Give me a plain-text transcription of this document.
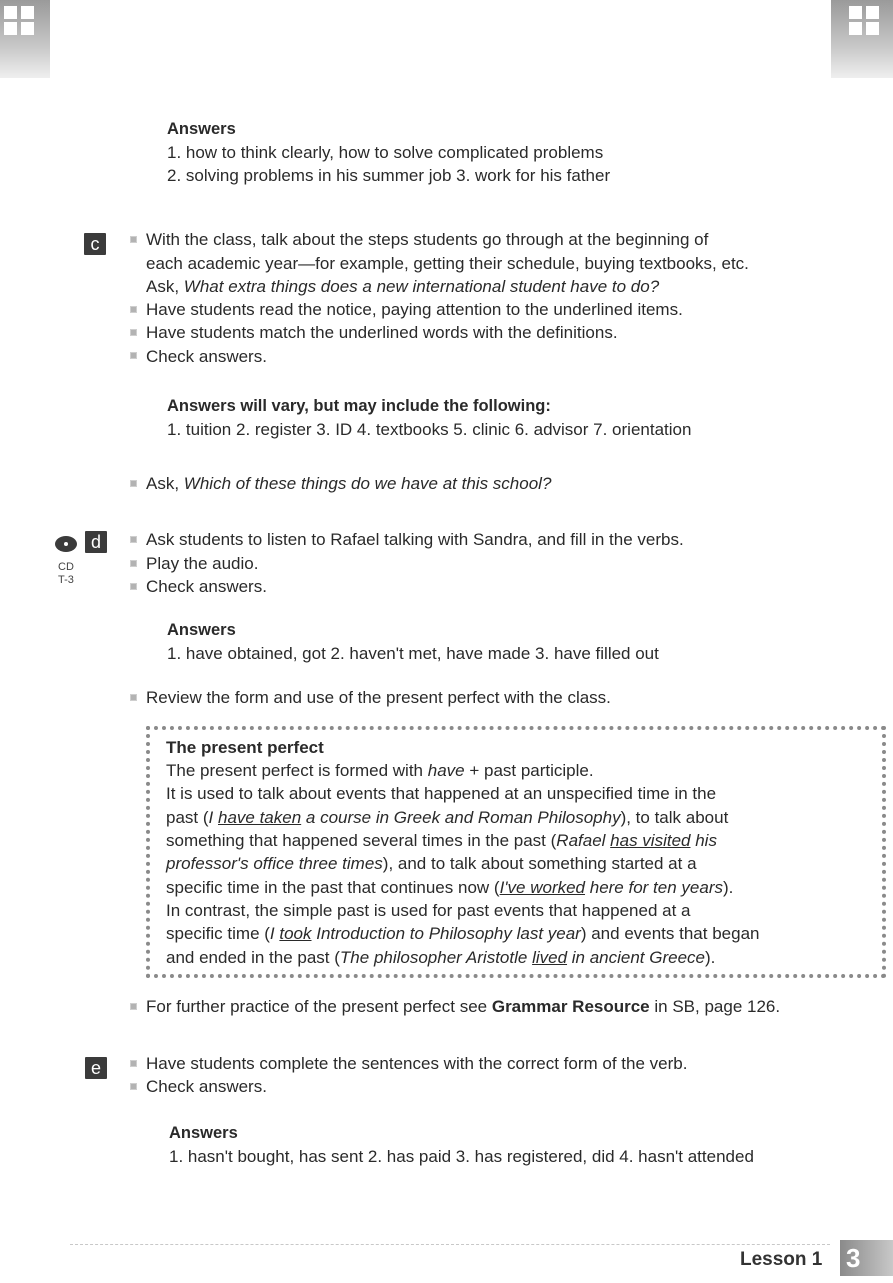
Answers
1. how to think clearly, how to solve complicated problems
2. solving problems in his summer job 3. work for his father
c	With the class, talk about the steps students go through at the beginning of
each academic year—for example, getting their schedule, buying textbooks, etc.
Ask, What extra things does a new international student have to do?
Have students read the notice, paying attention to the underlined items.
Have students match the underlined words with the definitions.
Check answers.
Answers will vary, but may include the following:
1. tuition 2. register 3. ID 4. textbooks 5. clinic 6. advisor 7. orientation
Ask, Which of these things do we have at this school?
d
CD
T-3
Ask students to listen to Rafael talking with Sandra, and fill in the verbs.
Play the audio.
Check answers.
Answers
1. have obtained, got 2. haven't met, have made 3. have filled out
Review the form and use of the present perfect with the class.
The present perfect
The present perfect is formed with have + past participle.
It is used to talk about events that happened at an unspecified time in the
past (I have taken a course in Greek and Roman Philosophy), to talk about
something that happened several times in the past (Rafael has visited his
professor's office three times), and to talk about something started at a
specific time in the past that continues now (I've worked here for ten years).
In contrast, the simple past is used for past events that happened at a
specific time (I took Introduction to Philosophy last year) and events that began
and ended in the past (The philosopher Aristotle lived in ancient Greece).
For further practice of the present perfect see Grammar Resource in SB, page 126.
e	Have students complete the sentences with the correct form of the verb.
Check answers.
Answers
1. hasn't bought, has sent 2. has paid 3. has registered, did 4. hasn't attended
Lesson 1 3
